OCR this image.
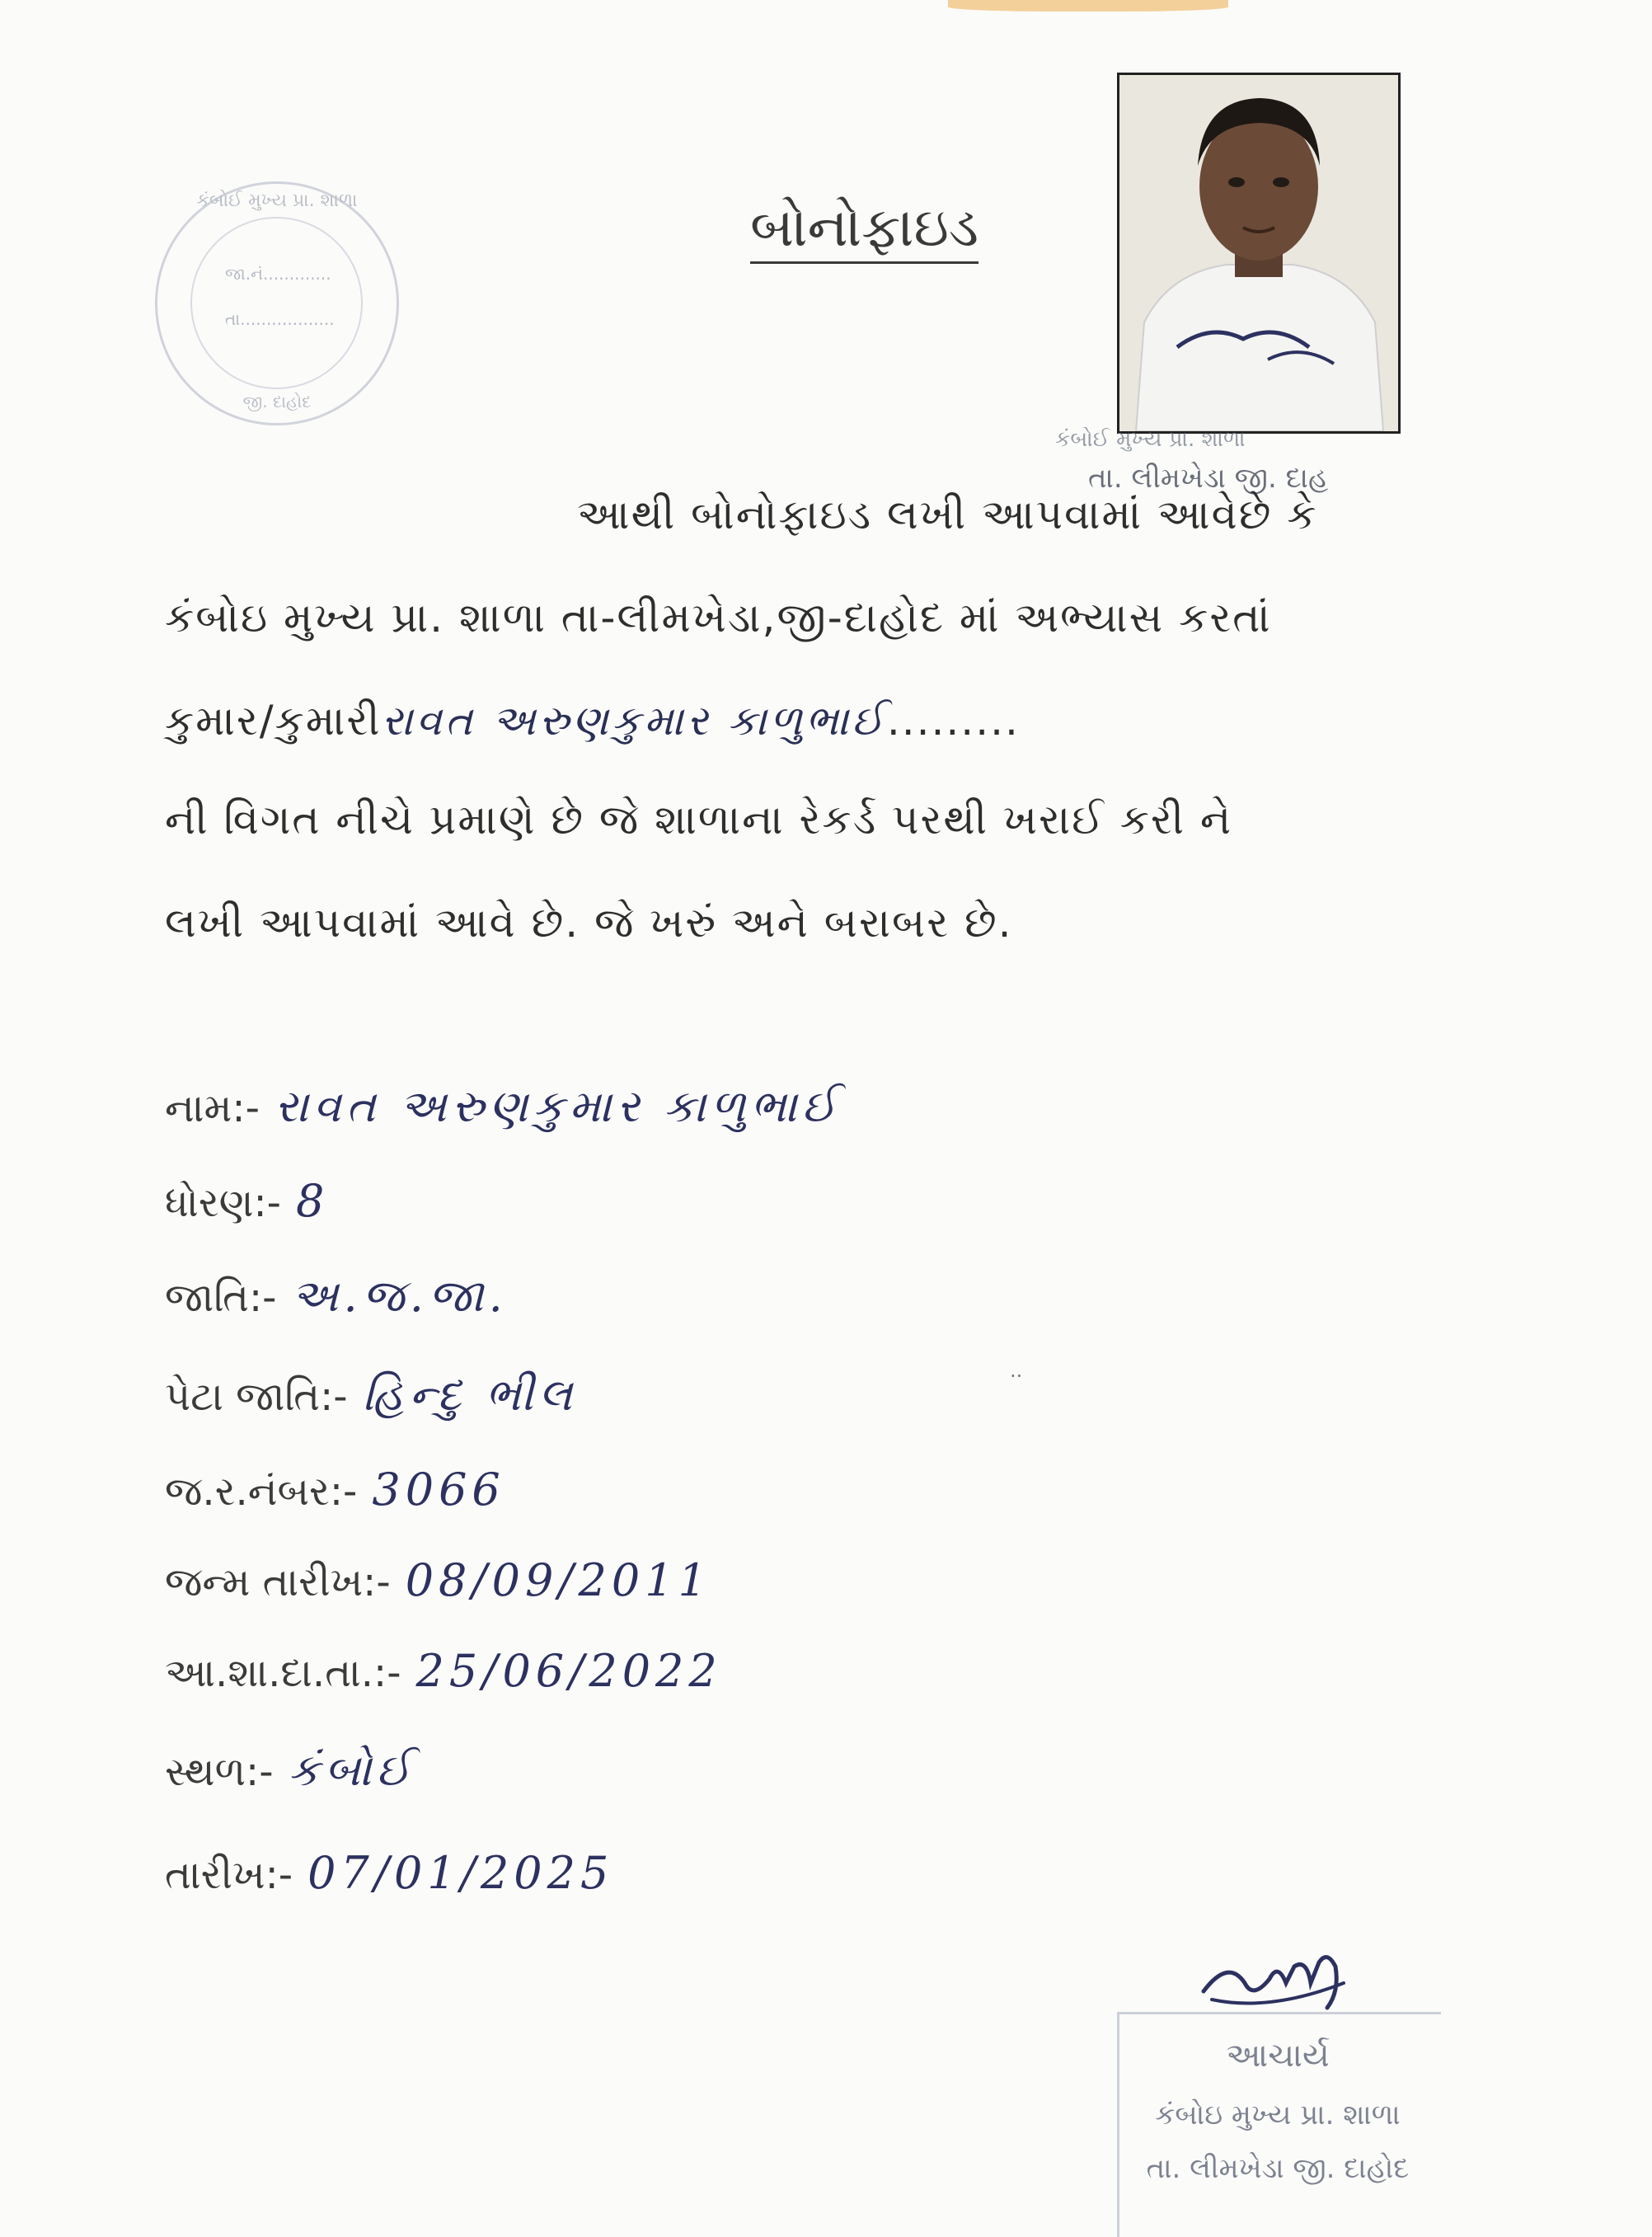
કંબોઈ મુખ્ય પ્રા. શાળા
જા.નં.............
તા..................
જી. દાહોદ
બોનોફાઇડ
કંબોઈ મુખ્ય પ્રા. શાળા
તા. લીમખેડા જી. દાહ
આથી બોનોફાઇડ લખી આપવામાં આવેછે કે
કંબોઇ મુખ્ય પ્રા. શાળા તા-લીમખેડા,જી-દાહોદ માં અભ્યાસ કરતાં
કુમાર/કુમારીરાવત અરુણકુમાર કાળુભાઈ.........
ની વિગત નીચે પ્રમાણે છે જે શાળાના રેકર્ડ પરથી ખરાઈ કરી ને
લખી આપવામાં આવે છે. જે ખરું અને બરાબર છે.
નામ:- રાવત અરુણકુમાર કાળુભાઈ
ધોરણ:- 8
જાતિ:- અ.જ.જા.
પેટા જાતિ:- હિન્દુ ભીલ
જ.ર.નંબર:- 3066
જન્મ તારીખ:- 08/09/2011
આ.શા.દા.તા.:- 25/06/2022
સ્થળ:- કંબોઈ
તારીખ:- 07/01/2025
··
આચાર્ય
કંબોઇ મુખ્ય પ્રા. શાળા
તા. લીમખેડા જી. દાહોદ
